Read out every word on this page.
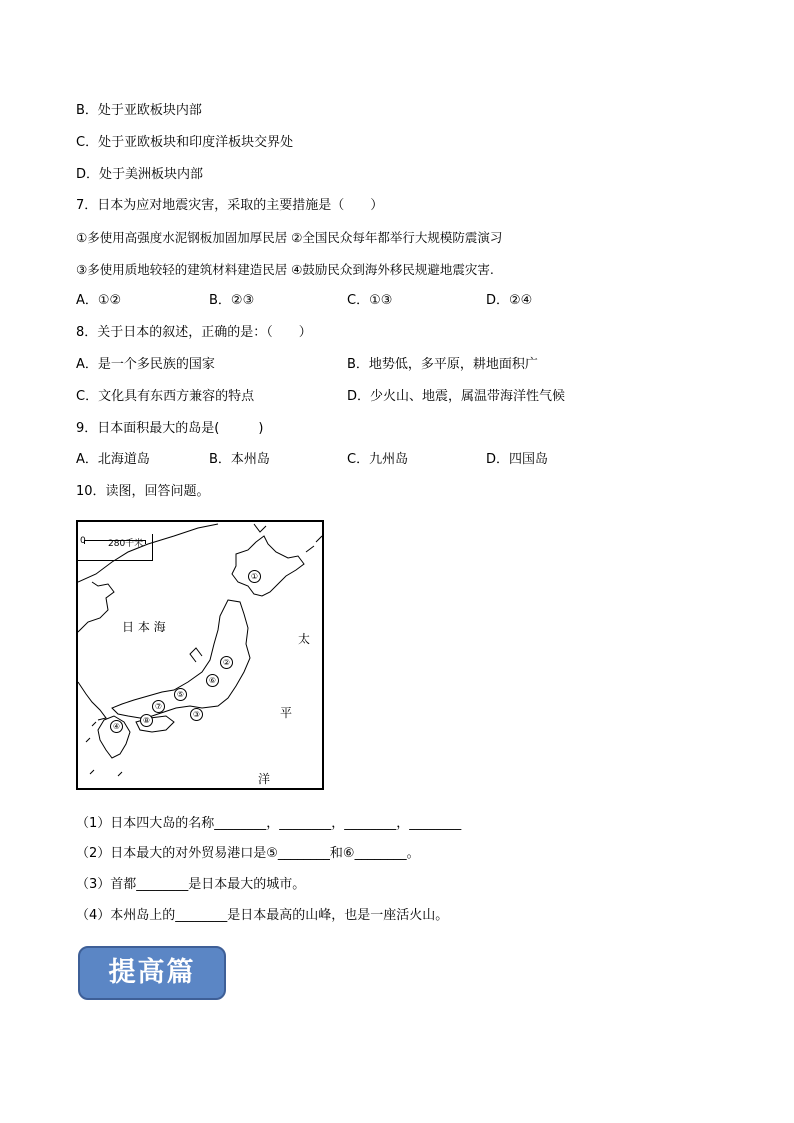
B．处于亚欧板块内部
C．处于亚欧板块和印度洋板块交界处
D．处于美洲板块内部
7．日本为应对地震灾害，采取的主要措施是（　　）
①多使用高强度水泥钢板加固加厚民居 ②全国民众每年都举行大规模防震演习
③多使用质地较轻的建筑材料建造民居 ④鼓励民众到海外移民规避地震灾害.
A．①②	B．②③	C．①③	D．②④
8．关于日本的叙述，正确的是：（　　）
A．是一个多民族的国家	B．地势低，多平原，耕地面积广
C．文化具有东西方兼容的特点	D．少火山、地震，属温带海洋性气候
9．日本面积最大的岛是(　　　)
A．北海道岛	B．本州岛	C．九州岛	D．四国岛
10．读图，回答问题。
0 280千米
日 本 海
太
平
洋
①
②
③
④
⑤
⑥
⑦
⑧
（1）日本四大岛的名称________，________，________，________
（2）日本最大的对外贸易港口是⑤________和⑥________。
（3）首都________是日本最大的城市。
（4）本州岛上的________是日本最高的山峰，也是一座活火山。
提高篇
